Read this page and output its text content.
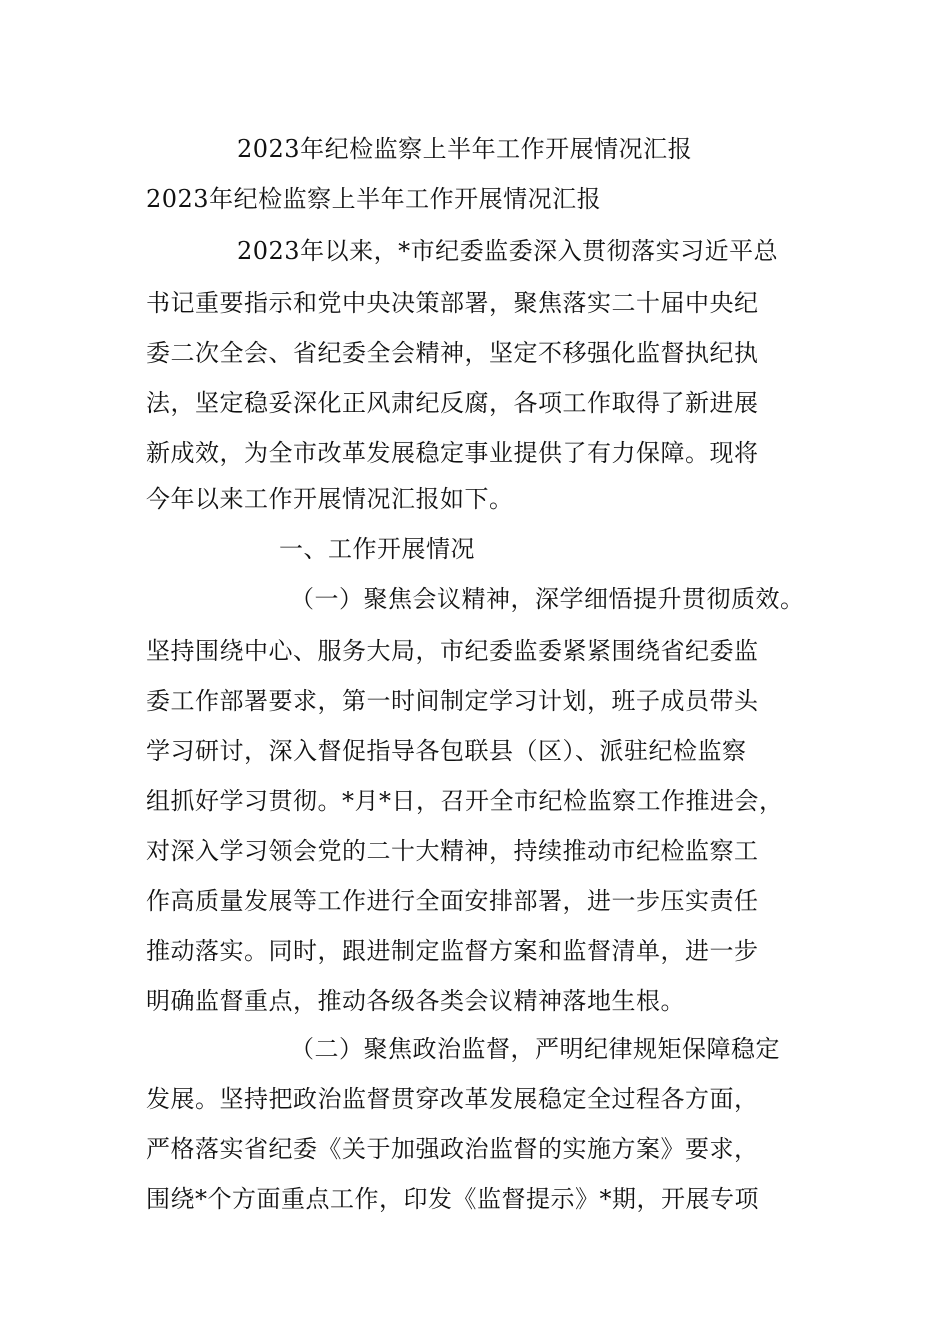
2023年纪检监察上半年工作开展情况汇报
2023年纪检监察上半年工作开展情况汇报
2023年以来，*市纪委监委深入贯彻落实习近平总
书记重要指示和党中央决策部署，聚焦落实二十届中央纪
委二次全会、省纪委全会精神，坚定不移强化监督执纪执
法，坚定稳妥深化正风肃纪反腐，各项工作取得了新进展
新成效，为全市改革发展稳定事业提供了有力保障。现将
今年以来工作开展情况汇报如下。
一、工作开展情况
（一）聚焦会议精神，深学细悟提升贯彻质效。
坚持围绕中心、服务大局，市纪委监委紧紧围绕省纪委监
委工作部署要求，第一时间制定学习计划，班子成员带头
学习研讨，深入督促指导各包联县（区）、派驻纪检监察
组抓好学习贯彻。*月*日，召开全市纪检监察工作推进会，
对深入学习领会党的二十大精神，持续推动市纪检监察工
作高质量发展等工作进行全面安排部署，进一步压实责任
推动落实。同时，跟进制定监督方案和监督清单，进一步
明确监督重点，推动各级各类会议精神落地生根。
（二）聚焦政治监督，严明纪律规矩保障稳定
发展。坚持把政治监督贯穿改革发展稳定全过程各方面，
严格落实省纪委《关于加强政治监督的实施方案》要求，
围绕*个方面重点工作，印发《监督提示》*期，开展专项
